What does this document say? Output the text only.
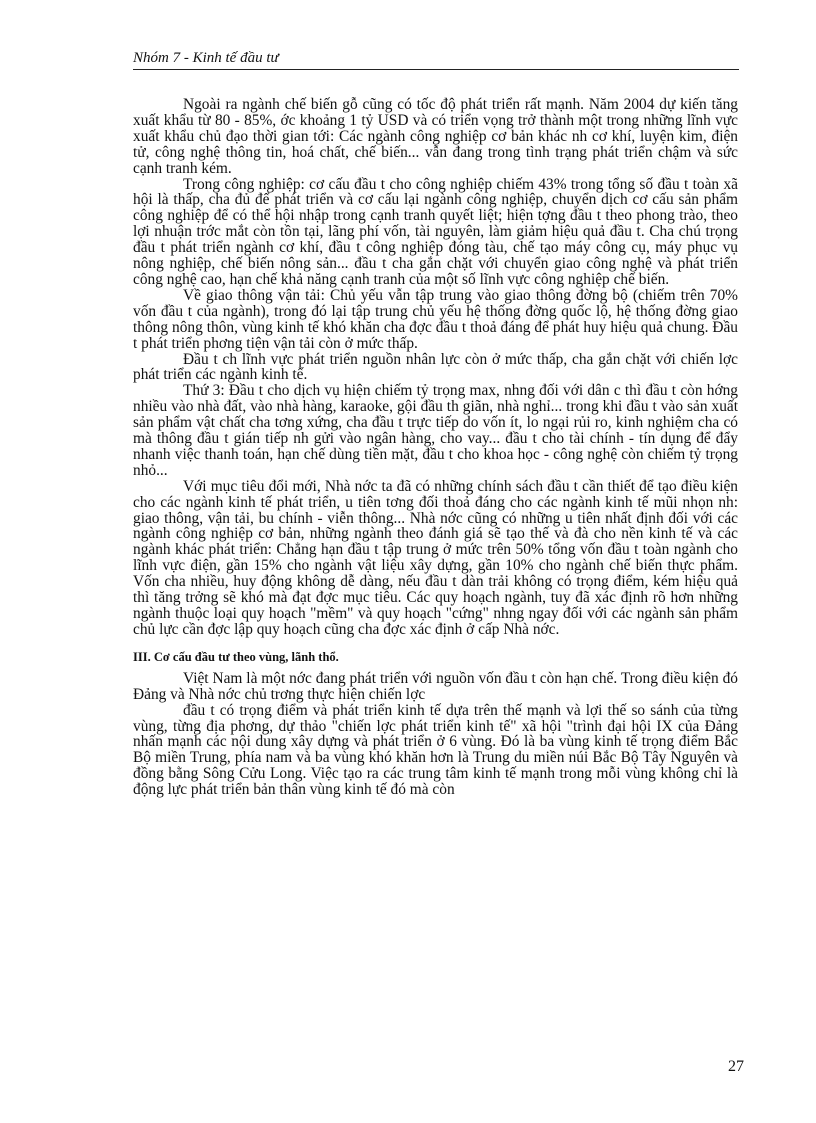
Nhóm 7 - Kinh tế đầu tư

Ngoài ra ngành chế biến gỗ cũng có tốc độ phát triển rất mạnh. Năm 2004 dự kiến tăng xuất khẩu từ 80 - 85%, ớc khoảng 1 tỷ USD và có triển vọng trở thành một trong những lĩnh vực xuất khẩu chủ đạo thời gian tới: Các ngành công nghiệp cơ bản khác nh cơ khí, luyện kim, điện tử, công nghệ thông tin, hoá chất, chế biến... vẫn đang trong tình trạng phát triển chậm và sức cạnh tranh kém.

Trong công nghiệp: cơ cấu đầu t cho công nghiệp chiếm 43% trong tổng số đầu t toàn xã hội là thấp, cha đủ để phát triển và cơ cấu lại ngành công nghiệp, chuyển dịch cơ cấu sản phẩm công nghiệp để có thể hội nhập trong cạnh tranh quyết liệt; hiện tợng đầu t theo phong trào, theo lợi nhuận trớc mắt còn tồn tại, lãng phí vốn, tài nguyên, làm giảm hiệu quả đầu t. Cha chú trọng đầu t phát triển ngành cơ khí, đầu t công nghiệp đóng tàu, chế tạo máy công cụ, máy phục vụ nông nghiệp, chế biến nông sản... đầu t cha gắn chặt với chuyển giao công nghệ và phát triển công nghệ cao, hạn chế khả năng cạnh tranh của một số lĩnh vực công nghiệp chế biến.

Về giao thông vận tải: Chủ yếu vẫn tập trung vào giao thông đờng bộ (chiếm trên 70% vốn đầu t của ngành), trong đó lại tập trung chủ yếu hệ thống đờng quốc lộ, hệ thống đờng giao thông nông thôn, vùng kinh tế khó khăn cha đợc đầu t thoả đáng để phát huy hiệu quả chung. Đầu t phát triển phơng tiện vận tải còn ở mức thấp.

Đầu t ch lĩnh vực phát triển nguồn nhân lực còn ở mức thấp, cha gắn chặt với chiến lợc phát triển các ngành kinh tế.

Thứ 3: Đầu t cho dịch vụ hiện chiếm tỷ trọng max, nhng đối với dân c thì đầu t còn hớng nhiều vào nhà đất, vào nhà hàng, karaoke, gội đầu th giãn, nhà nghỉ... trong khi đầu t vào sản xuất sản phẩm vật chất cha tơng xứng, cha đầu t trực tiếp do vốn ít, lo ngại rủi ro, kinh nghiệm cha có mà thông đầu t gián tiếp nh gửi vào ngân hàng, cho vay... đầu t cho tài chính - tín dụng để đẩy nhanh việc thanh toán, hạn chế dùng tiền mặt, đầu t cho khoa học - công nghệ còn chiếm tỷ trọng nhỏ...

Với mục tiêu đổi mới, Nhà nớc ta đã có những chính sách đầu t cần thiết để tạo điều kiện cho các ngành kinh tế phát triển, u tiên tơng đối thoả đáng cho các ngành kinh tế mũi nhọn nh: giao thông, vận tải, bu chính - viễn thông... Nhà nớc cũng có những u tiên nhất định đối với các ngành công nghiệp cơ bản, những ngành theo đánh giá sẽ tạo thế và đà cho nền kinh tế và các ngành khác phát triển: Chẳng hạn đầu t tập trung ở mức trên 50% tổng vốn đầu t toàn ngành cho lĩnh vực điện, gần 15% cho ngành vật liệu xây dựng, gần 10% cho ngành chế biến thực phẩm. Vốn cha nhiều, huy động không dễ dàng, nếu đầu t dàn trải không có trọng điểm, kém hiệu quả thì tăng trởng sẽ khó mà đạt đợc mục tiêu. Các quy hoạch ngành, tuy đã xác định rõ hơn những ngành thuộc loại quy hoạch "mềm" và quy hoạch "cứng" nhng ngay đối với các ngành sản phẩm chủ lực cần đợc lập quy hoạch cũng cha đợc xác định ở cấp Nhà nớc.

III. Cơ cấu đầu tư theo vùng, lãnh thổ.

Việt Nam là một nớc đang phát triển với nguồn vốn đầu t còn hạn chế. Trong điều kiện đó Đảng và Nhà nớc chủ trơng thực hiện chiến lợc

đầu t có trọng điểm và phát triển kinh tế dựa trên thế mạnh và lợi thế so sánh của từng vùng, từng địa phơng, dự thảo "chiến lợc phát triển kinh tế" xã hội "trình đại hội IX của Đảng nhấn mạnh các nội dung xây dựng và phát triển ở 6 vùng. Đó là ba vùng kinh tế trọng điểm Bắc Bộ miền Trung, phía nam và ba vùng khó khăn hơn là Trung du miền núi Bắc Bộ Tây Nguyên và đồng bằng Sông Cửu Long. Việc tạo ra các trung tâm kinh tế mạnh trong mỗi vùng không chỉ là động lực phát triển bản thân vùng kinh tế đó mà còn

27
